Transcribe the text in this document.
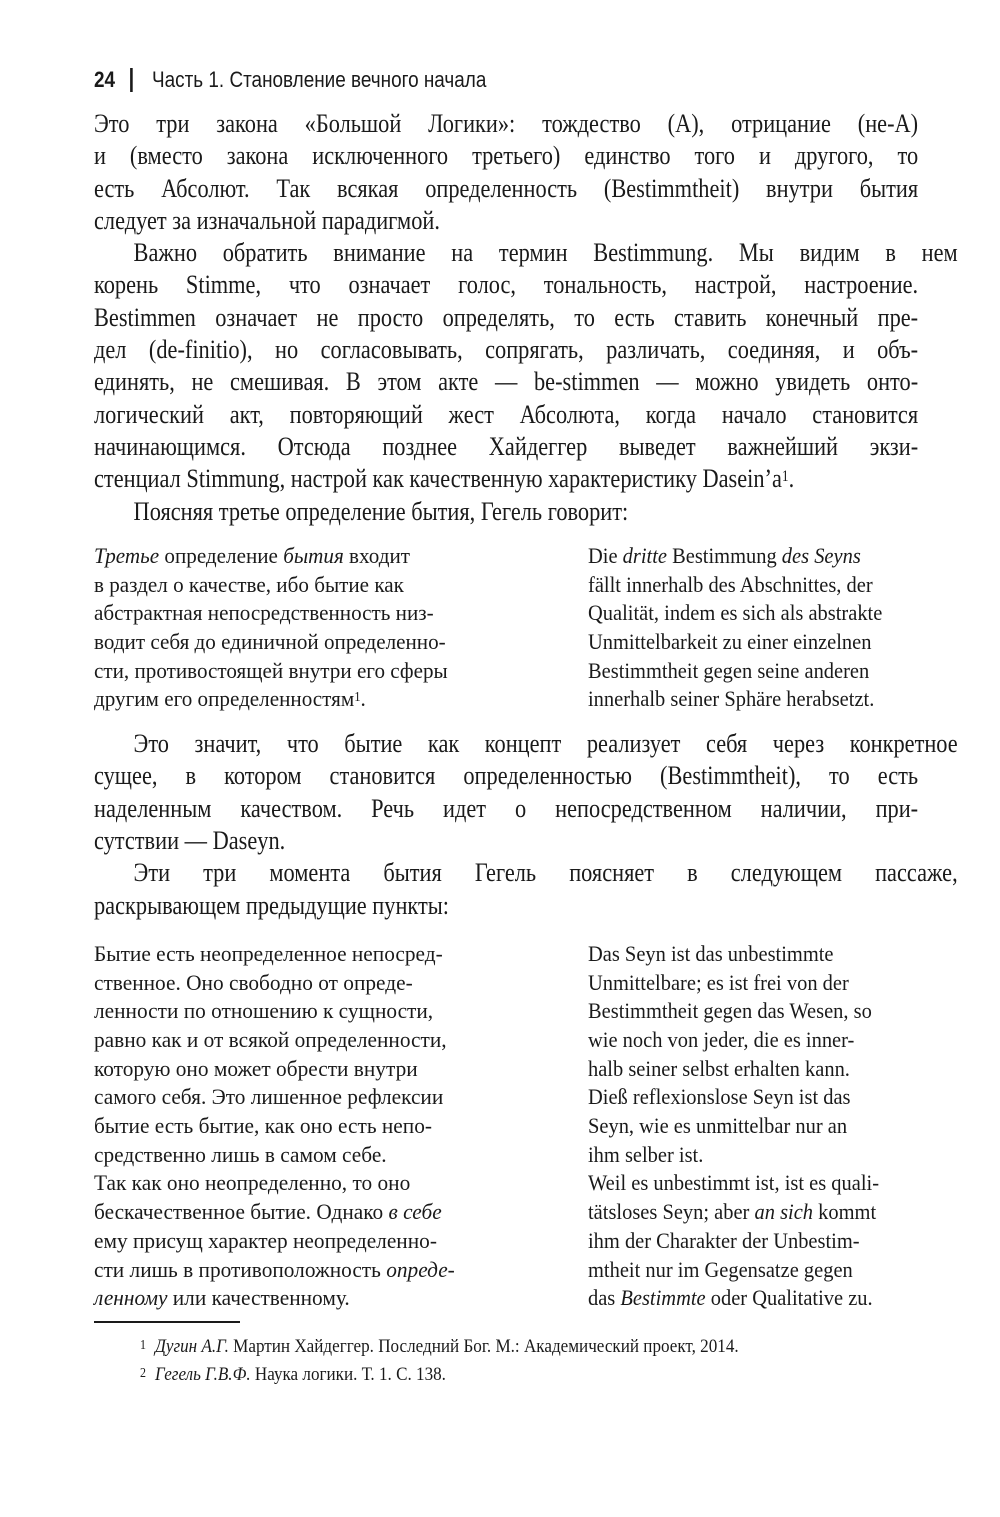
24 Часть 1. Становление вечного начала
Это три закона «Большой Логики»: тождество (А), отрицание (не-А)
и (вместо закона исключенного третьего) единство того и другого, то
есть Абсолют. Так всякая определенность (Bestimmtheit) внутри бытия
следует за изначальной парадигмой.
Важно обратить внимание на термин Bestimmung. Мы видим в нем
корень Stimme, что означает голос, тональность, настрой, настроение.
Bestimmen означает не просто определять, то есть ставить конечный пре-
дел (de-finitio), но согласовывать, сопрягать, различать, соединяя, и объ-
единять, не смешивая. В этом акте — be-stimmen — можно увидеть онто-
логический акт, повторяющий жест Абсолюта, когда начало становится
начинающимся. Отсюда позднее Хайдеггер выведет важнейший экзи-
стенциал Stimmung, настрой как качественную характеристику $Dasein’a^1$.
Поясняя третье определение бытия, Гегель говорит:
Третье определение бытия входит
в раздел о качестве, ибо бытие как
абстрактная непосредственность низ-
водит себя до единичной определенно-
сти, противостоящей внутри его сферы
другим его определенностям$^1$.
Die dritte Bestimmung des Seyns
fällt innerhalb des Abschnittes, der
Qualität, indem es sich als abstrakte
Unmittelbarkeit zu einer einzelnen
Bestimmtheit gegen seine anderen
innerhalb seiner Sphäre herabsetzt.
Это значит, что бытие как концепт реализует себя через конкретное
сущее, в котором становится определенностью (Bestimmtheit), то есть
наделенным качеством. Речь идет о непосредственном наличии, при-
сутствии — Daseyn.
Эти три момента бытия Гегель поясняет в следующем пассаже,
раскрывающем предыдущие пункты:
Бытие есть неопределенное непосред-
ственное. Оно свободно от опреде-
ленности по отношению к сущности,
равно как и от всякой определенности,
которую оно может обрести внутри
самого себя. Это лишенное рефлексии
бытие есть бытие, как оно есть непо-
средственно лишь в самом себе.
Так как оно неопределенно, то оно
бескачественное бытие. Однако в себе
ему присущ характер неопределенно-
сти лишь в противоположность опреде-
ленному или качественному.
Das Seyn ist das unbestimmte
Unmittelbare; es ist frei von der
Bestimmtheit gegen das Wesen, so
wie noch von jeder, die es inner-
halb seiner selbst erhalten kann.
Dieß reflexionslose Seyn ist das
Seyn, wie es unmittelbar nur an
ihm selber ist.
Weil es unbestimmt ist, ist es quali-
tätsloses Seyn; aber an sich kommt
ihm der Charakter der Unbestim-
mtheit nur im Gegensatze gegen
das Bestimmte oder Qualitative zu.
$^1$ Дугин А.Г. Мартин Хайдеггер. Последний Бог. М.: Академический проект, 2014.
$^2$ Гегель Г.В.Ф. Наука логики. Т. 1. С. 138.
